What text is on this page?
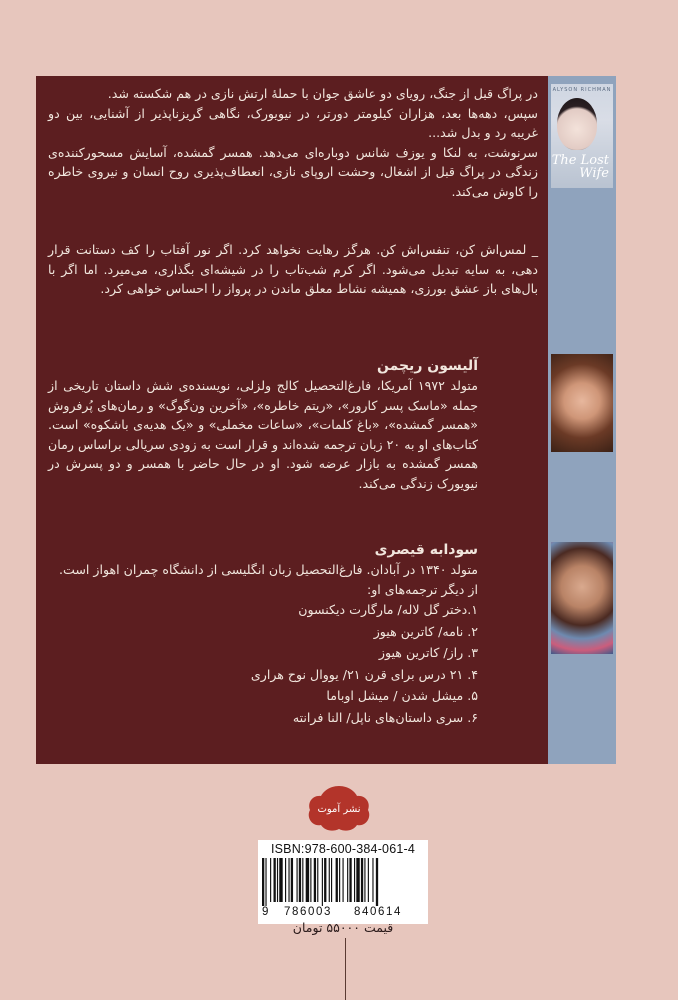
در پراگ قبل از جنگ، رویای دو عاشق جوان با حملهٔ ارتش نازی در هم شکسته شد.

سپس، دهه‌ها بعد، هزاران کیلومتر دورتر، در نیویورک، نگاهی گریزناپذیر از آشنایی، بین دو غریبه رد و بدل شد...

سرنوشت، به لنکا و یوزف شانس دوباره‌ای می‌دهد. همسر گمشده، آسایش مسحورکننده‌ی زندگی در پراگ قبل از اشغال، وحشت اروپای نازی، انعطاف‌پذیری روح انسان و نیروی خاطره را کاوش می‌کند.

_ لمس‌اش کن، تنفس‌اش کن. هرگز رهایت نخواهد کرد. اگر نور آفتاب را کف دستانت قرار دهی، به سایه تبدیل می‌شود. اگر کرم شب‌تاب را در شیشه‌ای بگذاری، می‌میرد. اما اگر با بال‌های باز عشق بورزی، همیشه نشاط معلق ماندن در پرواز را احساس خواهی کرد.

آلیسون ریچمن

متولد ۱۹۷۲ آمریکا، فارغ‌التحصیل کالج ولزلی، نویسنده‌ی شش داستان تاریخی از جمله «ماسک پسر کارور»، «ریتم خاطره»، «آخرین ون‌گوگ» و رمان‌های پُرفروش «همسر گمشده»، «باغ کلمات»، «ساعات مخملی» و «یک هدیه‌ی باشکوه» است. کتاب‌های او به ۲۰ زبان ترجمه شده‌اند و قرار است به زودی سریالی براساس رمان همسر گمشده به بازار عرضه شود. او در حال حاضر با همسر و دو پسرش در نیویورک زندگی می‌کند.

سودابه قیصری

متولد ۱۳۴۰ در آبادان. فارغ‌التحصیل زبان انگلیسی از دانشگاه چمران اهواز است.

از دیگر ترجمه‌های او:

۱.دختر گل لاله/ مارگارت دیکنسون

۲. نامه/ کاترین هیوز

۳. راز/ کاترین هیوز

۴. ۲۱ درس برای قرن ۲۱/ یووال نوح هراری

۵. میشل شدن / میشل اوباما

۶. سری داستان‌های ناپل/ النا فرانته

ALYSON RICHMAN
The Lost
Wife
نشر آموت
ISBN:978-600-384-061-4
9 786003 840614
قیمت ۵۵۰۰۰ تومان
